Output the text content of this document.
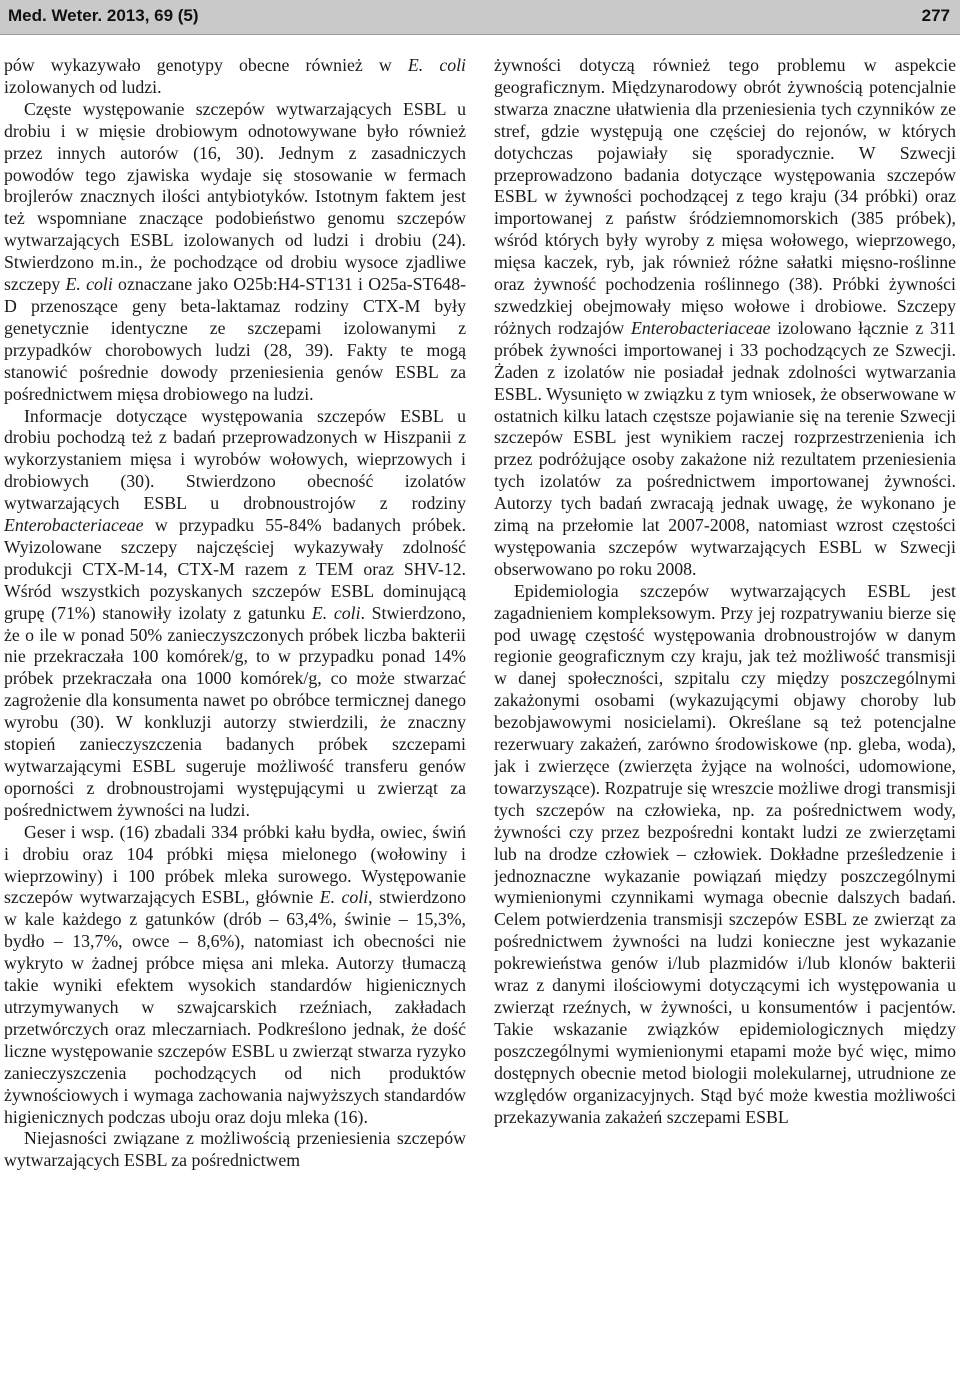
Med. Weter. 2013, 69 (5)	277

pów wykazywało genotypy obecne również w E. coli izolowanych od ludzi.

Częste występowanie szczepów wytwarzających ESBL u drobiu i w mięsie drobiowym odnotowywane było również przez innych autorów (16, 30). Jednym z zasadniczych powodów tego zjawiska wydaje się stosowanie w fermach brojlerów znacznych ilości antybiotyków. Istotnym faktem jest też wspomniane znaczące podobieństwo genomu szczepów wytwarzających ESBL izolowanych od ludzi i drobiu (24). Stwierdzono m.in., że pochodzące od drobiu wysoce zjadliwe szczepy E. coli oznaczane jako O25b:H4-ST131 i O25a-ST648-D przenoszące geny beta-laktamaz rodziny CTX-M były genetycznie identyczne ze szczepami izolowanymi z przypadków chorobowych ludzi (28, 39). Fakty te mogą stanowić pośrednie dowody przeniesienia genów ESBL za pośrednictwem mięsa drobiowego na ludzi.

Informacje dotyczące występowania szczepów ESBL u drobiu pochodzą też z badań przeprowadzonych w Hiszpanii z wykorzystaniem mięsa i wyrobów wołowych, wieprzowych i drobiowych (30). Stwierdzono obecność izolatów wytwarzających ESBL u drobnoustrojów z rodziny Enterobacteriaceae w przypadku 55-84% badanych próbek. Wyizolowane szczepy najczęściej wykazywały zdolność produkcji CTX-M-14, CTX-M razem z TEM oraz SHV-12. Wśród wszystkich pozyskanych szczepów ESBL dominującą grupę (71%) stanowiły izolaty z gatunku E. coli. Stwierdzono, że o ile w ponad 50% zanieczyszczonych próbek liczba bakterii nie przekraczała 100 komórek/g, to w przypadku ponad 14% próbek przekraczała ona 1000 komórek/g, co może stwarzać zagrożenie dla konsumenta nawet po obróbce termicznej danego wyrobu (30). W konkluzji autorzy stwierdzili, że znaczny stopień zanieczyszczenia badanych próbek szczepami wytwarzającymi ESBL sugeruje możliwość transferu genów oporności z drobnoustrojami występującymi u zwierząt za pośrednictwem żywności na ludzi.

Geser i wsp. (16) zbadali 334 próbki kału bydła, owiec, świń i drobiu oraz 104 próbki mięsa mielonego (wołowiny i wieprzowiny) i 100 próbek mleka surowego. Występowanie szczepów wytwarzających ESBL, głównie E. coli, stwierdzono w kale każdego z gatunków (drób – 63,4%, świnie – 15,3%, bydło – 13,7%, owce – 8,6%), natomiast ich obecności nie wykryto w żadnej próbce mięsa ani mleka. Autorzy tłumaczą takie wyniki efektem wysokich standardów higienicznych utrzymywanych w szwajcarskich rzeźniach, zakładach przetwórczych oraz mleczarniach. Podkreślono jednak, że dość liczne występowanie szczepów ESBL u zwierząt stwarza ryzyko zanieczyszczenia pochodzących od nich produktów żywnościowych i wymaga zachowania najwyższych standardów higienicznych podczas uboju oraz doju mleka (16).

Niejasności związane z możliwością przeniesienia szczepów wytwarzających ESBL za pośrednictwem

żywności dotyczą również tego problemu w aspekcie geograficznym. Międzynarodowy obrót żywnością potencjalnie stwarza znaczne ułatwienia dla przeniesienia tych czynników ze stref, gdzie występują one częściej do rejonów, w których dotychczas pojawiały się sporadycznie. W Szwecji przeprowadzono badania dotyczące występowania szczepów ESBL w żywności pochodzącej z tego kraju (34 próbki) oraz importowanej z państw śródziemnomorskich (385 próbek), wśród których były wyroby z mięsa wołowego, wieprzowego, mięsa kaczek, ryb, jak również różne sałatki mięsno-roślinne oraz żywność pochodzenia roślinnego (38). Próbki żywności szwedzkiej obejmowały mięso wołowe i drobiowe. Szczepy różnych rodzajów Enterobacteriaceae izolowano łącznie z 311 próbek żywności importowanej i 33 pochodzących ze Szwecji. Żaden z izolatów nie posiadał jednak zdolności wytwarzania ESBL. Wysunięto w związku z tym wniosek, że obserwowane w ostatnich kilku latach częstsze pojawianie się na terenie Szwecji szczepów ESBL jest wynikiem raczej rozprzestrzenienia ich przez podróżujące osoby zakażone niż rezultatem przeniesienia tych izolatów za pośrednictwem importowanej żywności. Autorzy tych badań zwracają jednak uwagę, że wykonano je zimą na przełomie lat 2007-2008, natomiast wzrost częstości występowania szczepów wytwarzających ESBL w Szwecji obserwowano po roku 2008.

Epidemiologia szczepów wytwarzających ESBL jest zagadnieniem kompleksowym. Przy jej rozpatrywaniu bierze się pod uwagę częstość występowania drobnoustrojów w danym regionie geograficznym czy kraju, jak też możliwość transmisji w danej społeczności, szpitalu czy między poszczególnymi zakażonymi osobami (wykazującymi objawy choroby lub bezobjawowymi nosicielami). Określane są też potencjalne rezerwuary zakażeń, zarówno środowiskowe (np. gleba, woda), jak i zwierzęce (zwierzęta żyjące na wolności, udomowione, towarzyszące). Rozpatruje się wreszcie możliwe drogi transmisji tych szczepów na człowieka, np. za pośrednictwem wody, żywności czy przez bezpośredni kontakt ludzi ze zwierzętami lub na drodze człowiek – człowiek. Dokładne prześledzenie i jednoznaczne wykazanie powiązań między poszczególnymi wymienionymi czynnikami wymaga obecnie dalszych badań. Celem potwierdzenia transmisji szczepów ESBL ze zwierząt za pośrednictwem żywności na ludzi konieczne jest wykazanie pokrewieństwa genów i/lub plazmidów i/lub klonów bakterii wraz z danymi ilościowymi dotyczącymi ich występowania u zwierząt rzeźnych, w żywności, u konsumentów i pacjentów. Takie wskazanie związków epidemiologicznych między poszczególnymi wymienionymi etapami może być więc, mimo dostępnych obecnie metod biologii molekularnej, utrudnione ze względów organizacyjnych. Stąd być może kwestia możliwości przekazywania zakażeń szczepami ESBL
